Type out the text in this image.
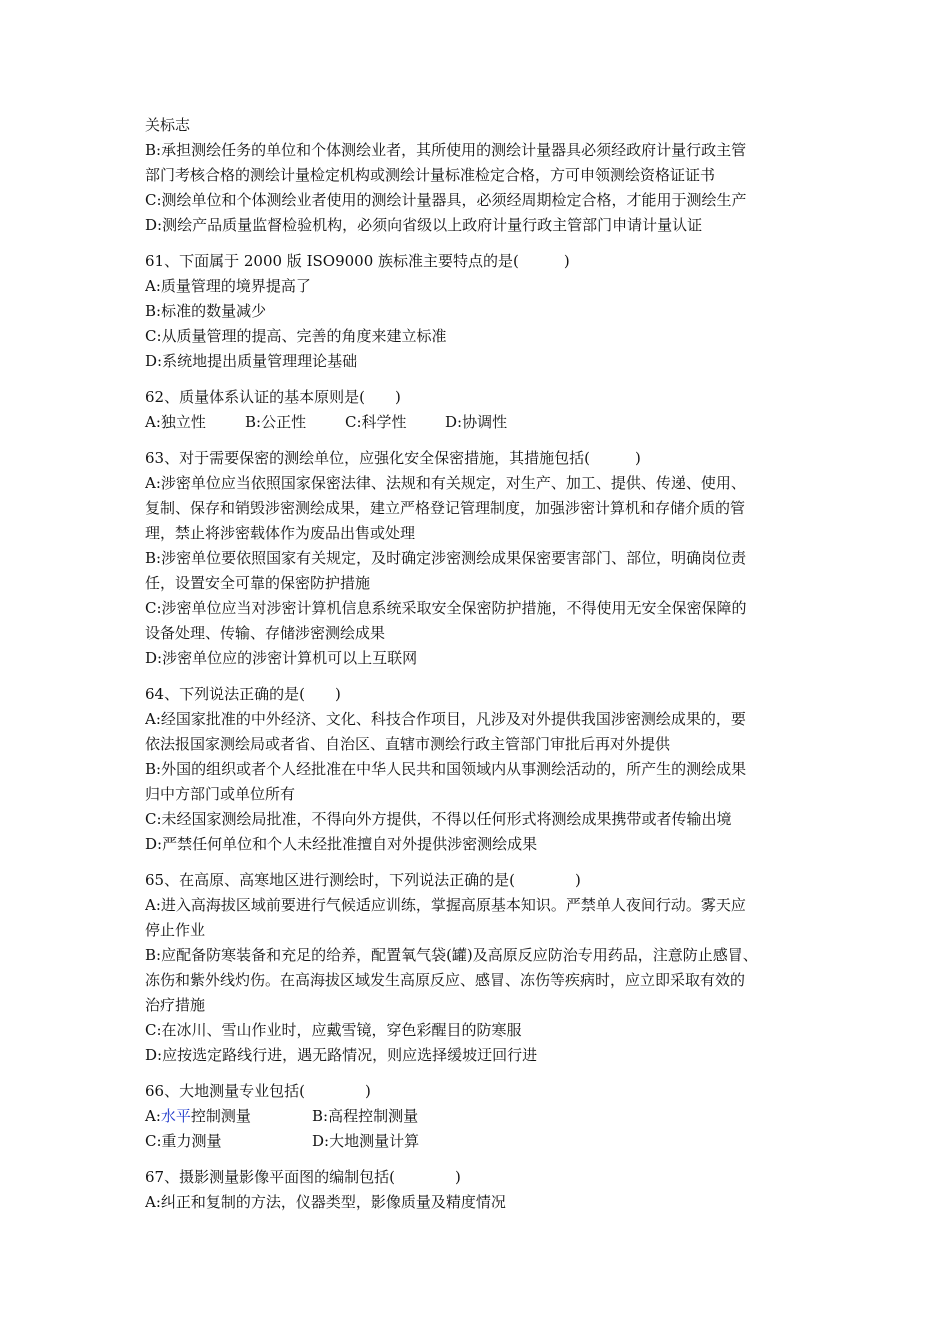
关标志
B:承担测绘任务的单位和个体测绘业者，其所使用的测绘计量器具必须经政府计量行政主管
部门考核合格的测绘计量检定机构或测绘计量标准检定合格，方可申领测绘资格证证书
C:测绘单位和个体测绘业者使用的测绘计量器具，必须经周期检定合格，才能用于测绘生产
D:测绘产品质量监督检验机构，必须向省级以上政府计量行政主管部门申请计量认证
61、下面属于 2000 版 ISO9000 族标准主要特点的是(　　　)
A:质量管理的境界提高了
B:标准的数量减少
C:从质量管理的提高、完善的角度来建立标准
D:系统地提出质量管理理论基础
62、质量体系认证的基本原则是(　　)
A:独立性	B:公正性	C:科学性	D:协调性
63、对于需要保密的测绘单位，应强化安全保密措施，其措施包括(　　　)
A:涉密单位应当依照国家保密法律、法规和有关规定，对生产、加工、提供、传递、使用、
复制、保存和销毁涉密测绘成果，建立严格登记管理制度，加强涉密计算机和存储介质的管
理，禁止将涉密载体作为废品出售或处理
B:涉密单位要依照国家有关规定，及时确定涉密测绘成果保密要害部门、部位，明确岗位责
任，设置安全可靠的保密防护措施
C:涉密单位应当对涉密计算机信息系统采取安全保密防护措施，不得使用无安全保密保障的
设备处理、传输、存储涉密测绘成果
D:涉密单位应的涉密计算机可以上互联网
64、下列说法正确的是(　　)
A:经国家批准的中外经济、文化、科技合作项目，凡涉及对外提供我国涉密测绘成果的，要
依法报国家测绘局或者省、自治区、直辖市测绘行政主管部门审批后再对外提供
B:外国的组织或者个人经批准在中华人民共和国领域内从事测绘活动的，所产生的测绘成果
归中方部门或单位所有
C:未经国家测绘局批准，不得向外方提供，不得以任何形式将测绘成果携带或者传输出境
D:严禁任何单位和个人未经批准擅自对外提供涉密测绘成果
65、在高原、高寒地区进行测绘时，下列说法正确的是(　　　　)
A:进入高海拔区域前要进行气候适应训练，掌握高原基本知识。严禁单人夜间行动。雾天应
停止作业
B:应配备防寒装备和充足的给养，配置氧气袋(罐)及高原反应防治专用药品，注意防止感冒、
冻伤和紫外线灼伤。在高海拔区域发生高原反应、感冒、冻伤等疾病时，应立即采取有效的
治疗措施
C:在冰川、雪山作业时，应戴雪镜，穿色彩醒目的防寒服
D:应按选定路线行进，遇无路情况，则应选择缓坡迂回行进
66、大地测量专业包括(　　　　)
A:水平控制测量	B:高程控制测量
C:重力测量	D:大地测量计算
67、摄影测量影像平面图的编制包括(　　　　)
A:纠正和复制的方法，仪器类型，影像质量及精度情况
